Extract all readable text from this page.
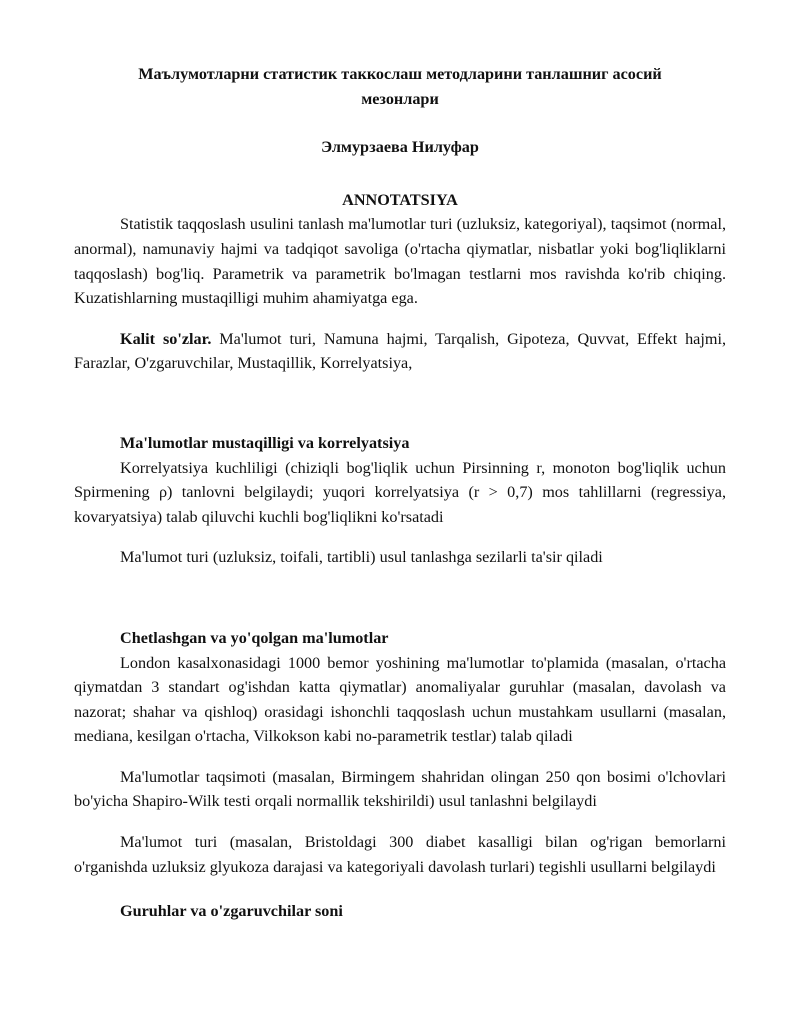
Маълумотларни статистик таккослаш методларини танлашниг асосий мезонлари

Элмурзаева Нилуфар

ANNOTATSIYA

Statistik taqqoslash usulini tanlash ma'lumotlar turi (uzluksiz, kategoriyal), taqsimot (normal, anormal), namunaviy hajmi va tadqiqot savoliga (o'rtacha qiymatlar, nisbatlar yoki bog'liqliklarni taqqoslash) bog'liq. Parametrik va parametrik bo'lmagan testlarni mos ravishda ko'rib chiqing. Kuzatishlarning mustaqilligi muhim ahamiyatga ega.

Kalit so'zlar. Ma'lumot turi, Namuna hajmi, Tarqalish, Gipoteza, Quvvat, Effekt hajmi, Farazlar, O'zgaruvchilar, Mustaqillik, Korrelyatsiya,

Ma'lumotlar mustaqilligi va korrelyatsiya

Korrelyatsiya kuchliligi (chiziqli bog'liqlik uchun Pirsinning r, monoton bog'liqlik uchun Spirmening ρ) tanlovni belgilaydi; yuqori korrelyatsiya (r > 0,7) mos tahlillarni (regressiya, kovaryatsiya) talab qiluvchi kuchli bog'liqlikni ko'rsatadi

Ma'lumot turi (uzluksiz, toifali, tartibli) usul tanlashga sezilarli ta'sir qiladi

Chetlashgan va yo'qolgan ma'lumotlar

London kasalxonasidagi 1000 bemor yoshining ma'lumotlar to'plamida (masalan, o'rtacha qiymatdan 3 standart og'ishdan katta qiymatlar) anomaliyalar guruhlar (masalan, davolash va nazorat; shahar va qishloq) orasidagi ishonchli taqqoslash uchun mustahkam usullarni (masalan, mediana, kesilgan o'rtacha, Vilkokson kabi no-parametrik testlar) talab qiladi

Ma'lumotlar taqsimoti (masalan, Birmingem shahridan olingan 250 qon bosimi o'lchovlari bo'yicha Shapiro-Wilk testi orqali normallik tekshirildi) usul tanlashni belgilaydi

Ma'lumot turi (masalan, Bristoldagi 300 diabet kasalligi bilan og'rigan bemorlarni o'rganishda uzluksiz glyukoza darajasi va kategoriyali davolash turlari) tegishli usullarni belgilaydi

Guruhlar va o'zgaruvchilar soni
